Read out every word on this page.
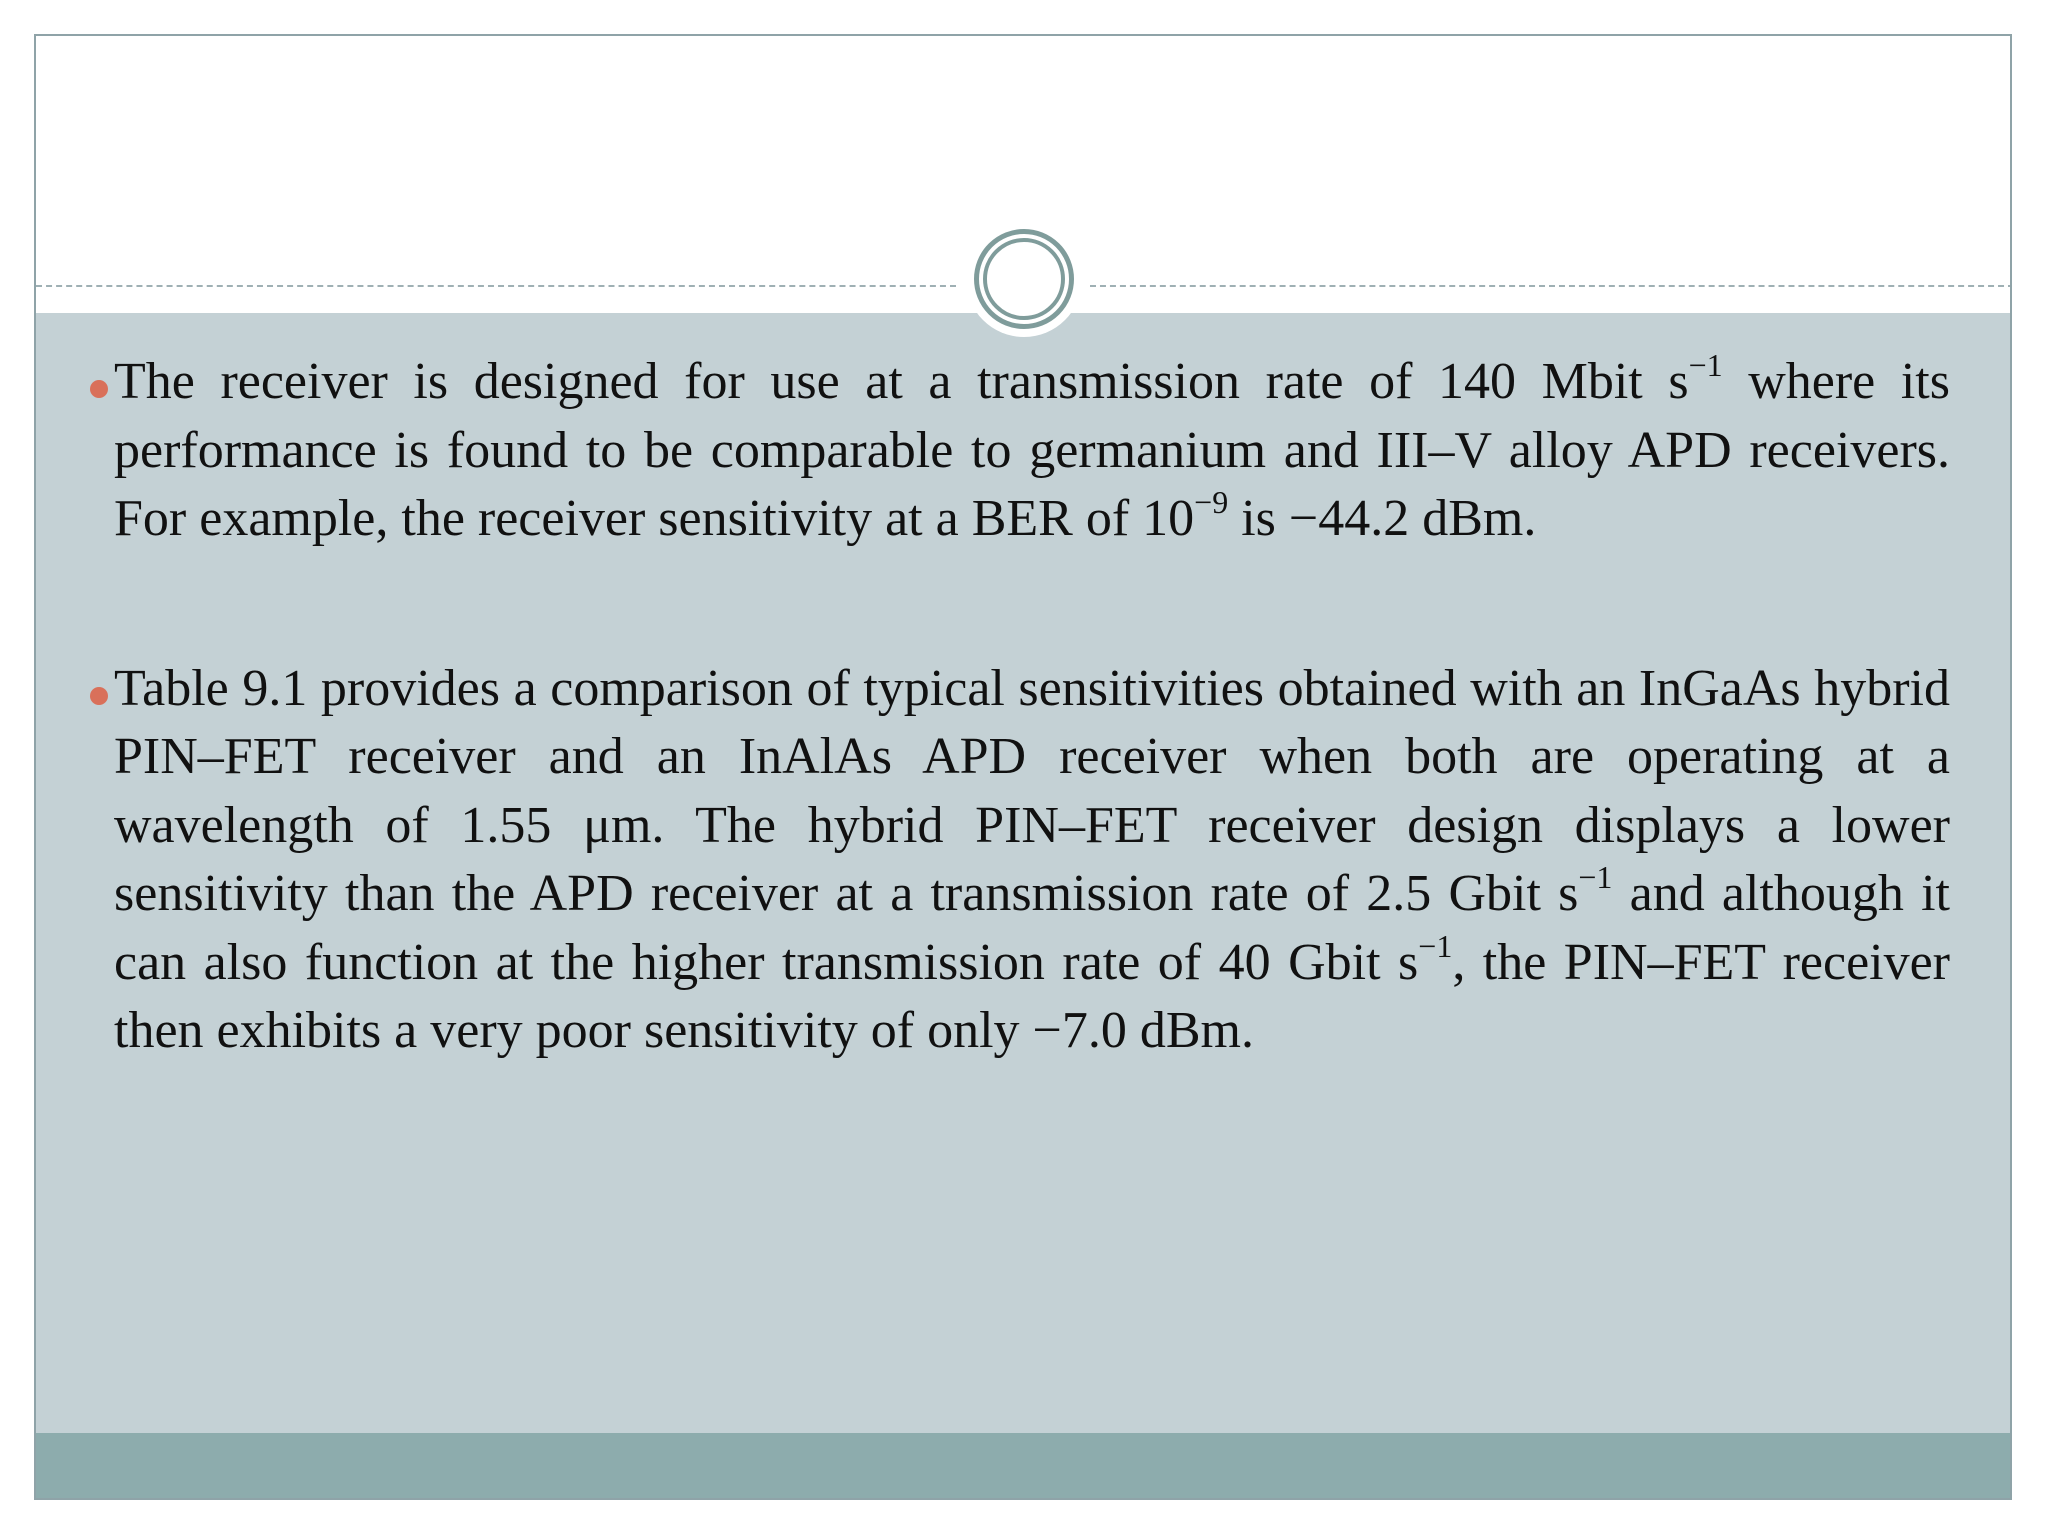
The receiver is designed for use at a transmission rate of 140 Mbit $s^{-1}$ where its performance is found to be comparable to germanium and III–V alloy APD receivers. For example, the receiver sensitivity at a BER of $10^{-9}$ is −44.2 dBm.
Table 9.1 provides a comparison of typical sensitivities obtained with an InGaAs hybrid PIN–FET receiver and an InAlAs APD receiver when both are operating at a wavelength of 1.55 μm. The hybrid PIN–FET receiver design displays a lower sensitivity than the APD receiver at a transmission rate of 2.5 Gbit $s^{-1}$ and although it can also function at the higher transmission rate of 40 Gbit $s^{-1}$, the PIN–FET receiver then exhibits a very poor sensitivity of only −7.0 dBm.
